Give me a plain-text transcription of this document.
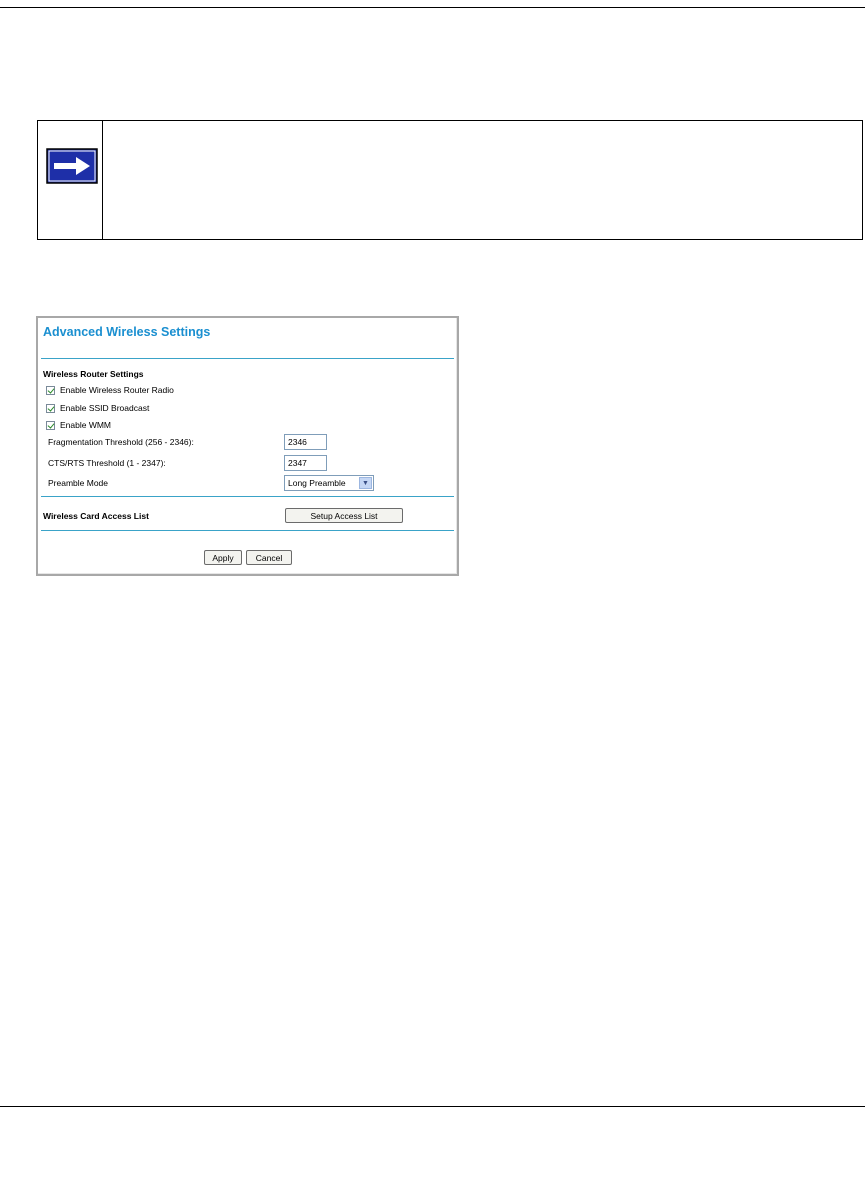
Advanced Wireless Settings
Wireless Router Settings
Enable Wireless Router Radio
Enable SSID Broadcast
Enable WMM
Fragmentation Threshold (256 - 2346):	2346
CTS/RTS Threshold (1 - 2347):	2347
Preamble Mode	Long Preamble	▼
Wireless Card Access List	Setup Access List
Apply	Cancel
